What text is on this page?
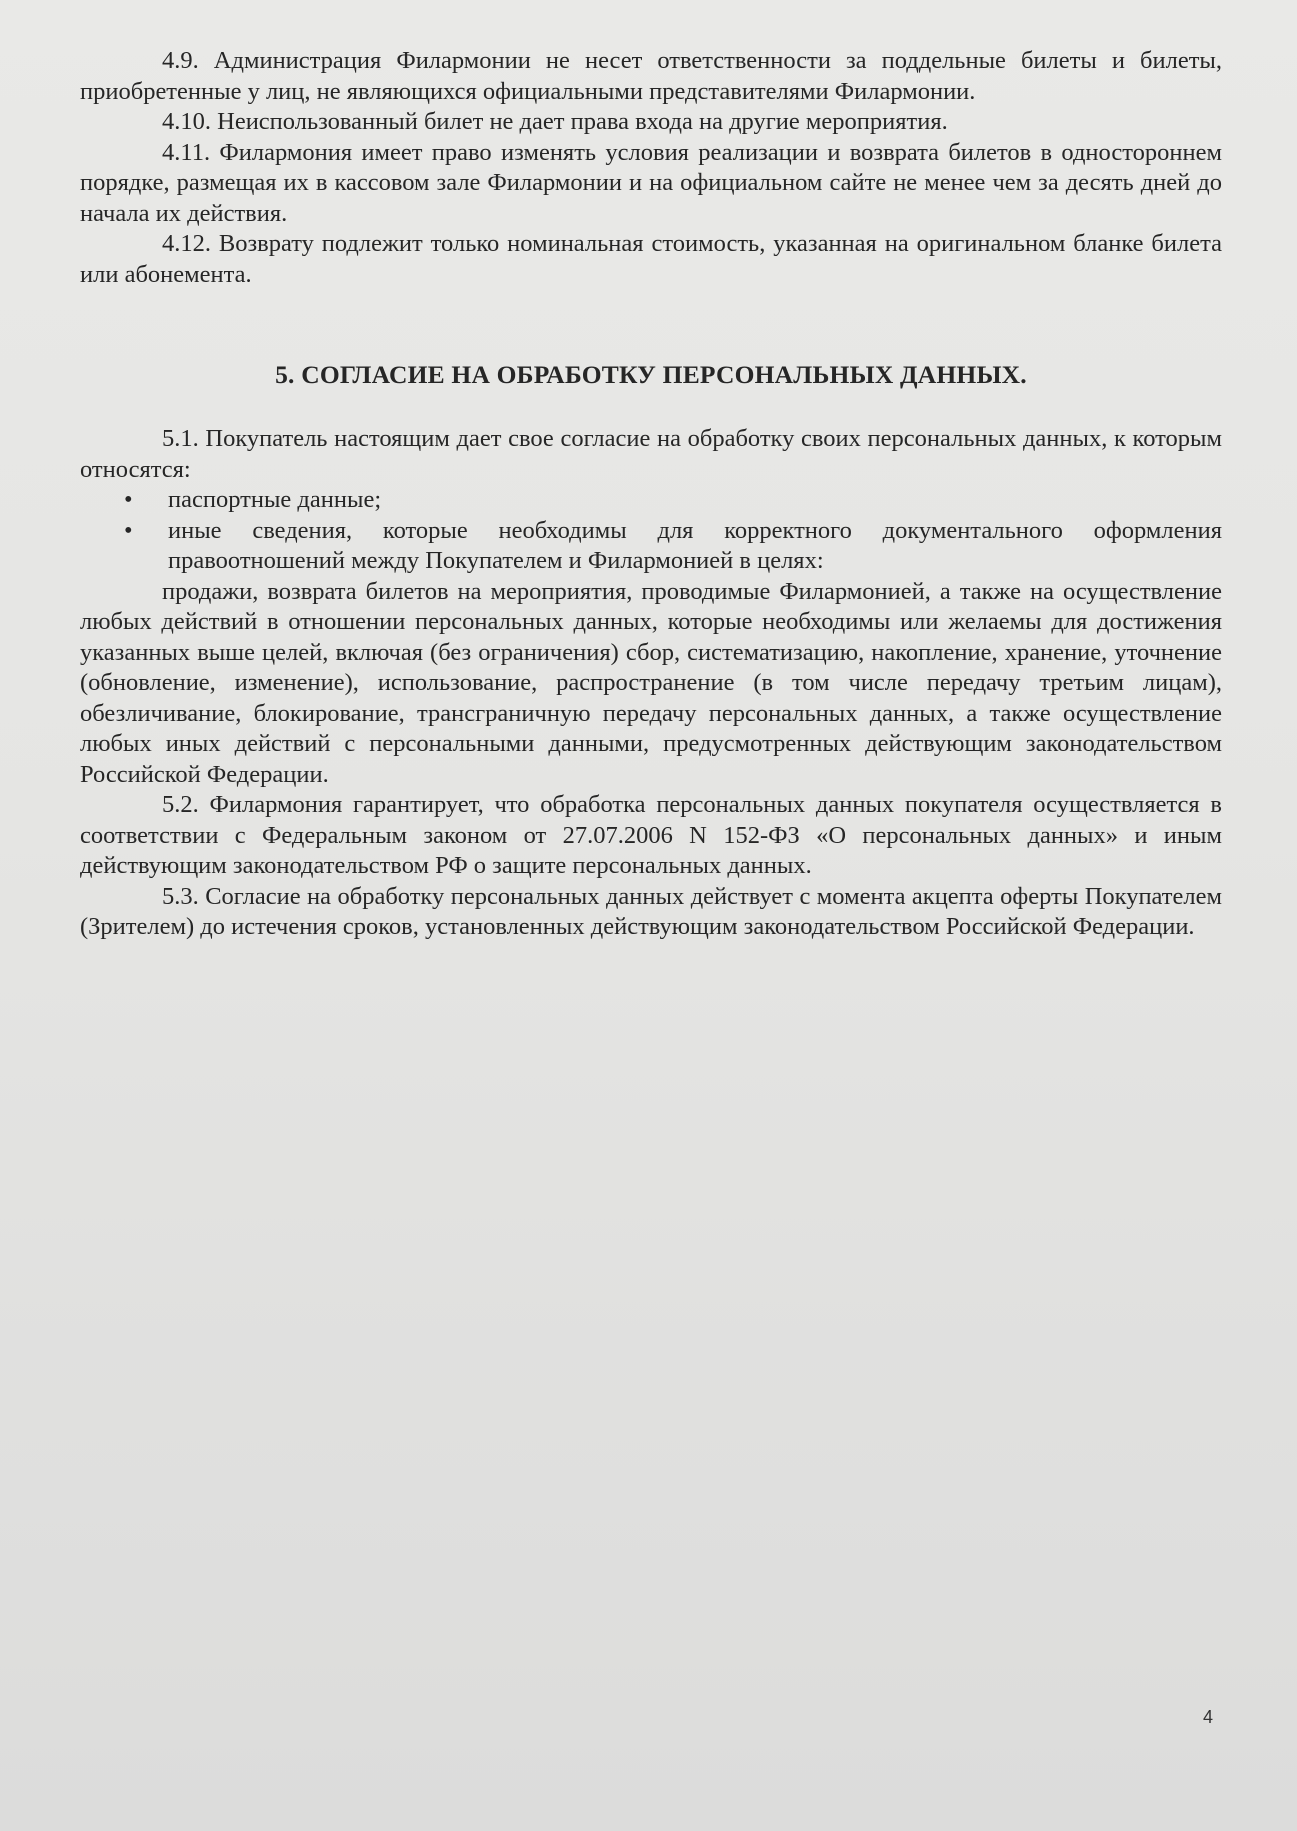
4.9. Администрация Филармонии не несет ответственности за поддельные билеты и билеты, приобретенные у лиц, не являющихся официальными представителями Филармонии.

4.10. Неиспользованный билет не дает права входа на другие мероприятия.

4.11. Филармония имеет право изменять условия реализации и возврата билетов в одностороннем порядке, размещая их в кассовом зале Филармонии и на официальном сайте не менее чем за десять дней до начала их действия.

4.12. Возврату подлежит только номинальная стоимость, указанная на оригинальном бланке билета или абонемента.

5. СОГЛАСИЕ НА ОБРАБОТКУ ПЕРСОНАЛЬНЫХ ДАННЫХ.

5.1. Покупатель настоящим дает свое согласие на обработку своих персональных данных, к которым относятся:

• паспортные данные;
• иные сведения, которые необходимы для корректного документального оформления правоотношений между Покупателем и Филармонией в целях:

продажи, возврата билетов на мероприятия, проводимые Филармонией, а также на осуществление любых действий в отношении персональных данных, которые необходимы или желаемы для достижения указанных выше целей, включая (без ограничения) сбор, систематизацию, накопление, хранение, уточнение (обновление, изменение), использование, распространение (в том числе передачу третьим лицам), обезличивание, блокирование, трансграничную передачу персональных данных, а также осуществление любых иных действий с персональными данными, предусмотренных действующим законодательством Российской Федерации.

5.2. Филармония гарантирует, что обработка персональных данных покупателя осуществляется в соответствии с Федеральным законом от 27.07.2006 N 152-ФЗ «О персональных данных» и иным действующим законодательством РФ о защите персональных данных.

5.3. Согласие на обработку персональных данных действует с момента акцепта оферты Покупателем (Зрителем) до истечения сроков, установленных действующим законодательством Российской Федерации.

4
